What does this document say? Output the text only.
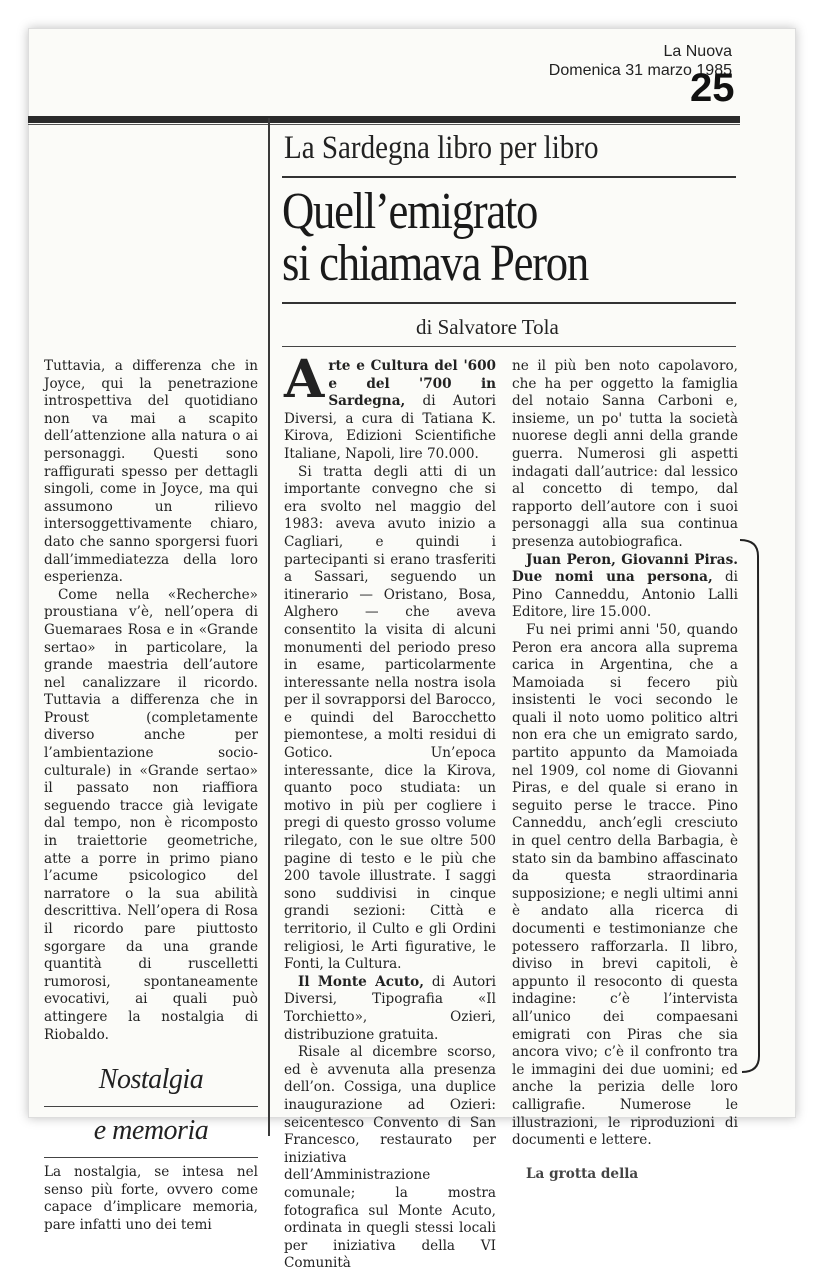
La Nuova
Domenica 31 marzo 1985
25
La Sardegna libro per libro
Quell’emigrato
si chiamava Peron
di Salvatore Tola

Tuttavia, a differenza che in Joyce, qui la penetrazione introspettiva del quotidiano non va mai a scapito dell’attenzione alla natura o ai personaggi. Questi sono raffigurati spesso per dettagli singoli, come in Joyce, ma qui assumono un rilievo intersoggettivamente chiaro, dato che sanno sporgersi fuori dall’immediatezza della loro esperienza.

Come nella «Recherche» proustiana v’è, nell’opera di Guemaraes Rosa e in «Grande sertao» in particolare, la grande maestria dell’autore nel canalizzare il ricordo. Tuttavia a differenza che in Proust (completamente diverso anche per l’ambientazione socio-culturale) in «Grande sertao» il passato non riaffiora seguendo tracce già levigate dal tempo, non è ricomposto in traiettorie geometriche, atte a porre in primo piano l’acume psicologico del narratore o la sua abilità descrittiva. Nell’opera di Rosa il ricordo pare piuttosto sgorgare da una grande quantità di ruscelletti rumorosi, spontaneamente evocativi, ai quali può attingere la nostalgia di Riobaldo.

Nostalgia
e memoria

La nostalgia, se intesa nel senso più forte, ovvero come capace d’implicare memoria, pare infatti uno dei temi

Arte e Cultura del '600 e del '700 in Sardegna, di Autori Diversi, a cura di Tatiana K. Kirova, Edizioni Scientifiche Italiane, Napoli, lire 70.000.

Si tratta degli atti di un importante convegno che si era svolto nel maggio del 1983: aveva avuto inizio a Cagliari, e quindi i partecipanti si erano trasferiti a Sassari, seguendo un itinerario — Oristano, Bosa, Alghero — che aveva consentito la visita di alcuni monumenti del periodo preso in esame, particolarmente interessante nella nostra isola per il sovrapporsi del Barocco, e quindi del Barocchetto piemontese, a molti residui di Gotico. Un’epoca interessante, dice la Kirova, quanto poco studiata: un motivo in più per cogliere i pregi di questo grosso volume rilegato, con le sue oltre 500 pagine di testo e le più che 200 tavole illustrate. I saggi sono suddivisi in cinque grandi sezioni: Città e territorio, il Culto e gli Ordini religiosi, le Arti figurative, le Fonti, la Cultura.

Il Monte Acuto, di Autori Diversi, Tipografia «Il Torchietto», Ozieri, distribuzione gratuita.

Risale al dicembre scorso, ed è avvenuta alla presenza dell’on. Cossiga, una duplice inaugurazione ad Ozieri: seicentesco Convento di San Francesco, restaurato per iniziativa dell’Amministrazione comunale; la mostra fotografica sul Monte Acuto, ordinata in quegli stessi locali per iniziativa della VI Comunità

ne il più ben noto capolavoro, che ha per oggetto la famiglia del notaio Sanna Carboni e, insieme, un po' tutta la società nuorese degli anni della grande guerra. Numerosi gli aspetti indagati dall’autrice: dal lessico al concetto di tempo, dal rapporto dell’autore con i suoi personaggi alla sua continua presenza autobiografica.

Juan Peron, Giovanni Piras. Due nomi una persona, di Pino Canneddu, Antonio Lalli Editore, lire 15.000.

Fu nei primi anni '50, quando Peron era ancora alla suprema carica in Argentina, che a Mamoiada si fecero più insistenti le voci secondo le quali il noto uomo politico altri non era che un emigrato sardo, partito appunto da Mamoiada nel 1909, col nome di Giovanni Piras, e del quale si erano in seguito perse le tracce. Pino Canneddu, anch’egli cresciuto in quel centro della Barbagia, è stato sin da bambino affascinato da questa straordinaria supposizione; e negli ultimi anni è andato alla ricerca di documenti e testimonianze che potessero rafforzarla. Il libro, diviso in brevi capitoli, è appunto il resoconto di questa indagine: c’è l’intervista all’unico dei compaesani emigrati con Piras che sia ancora vivo; c’è il confronto tra le immagini dei due uomini; ed anche la perizia delle loro calligrafie. Numerose le illustrazioni, le riproduzioni di documenti e lettere.

La grotta della
